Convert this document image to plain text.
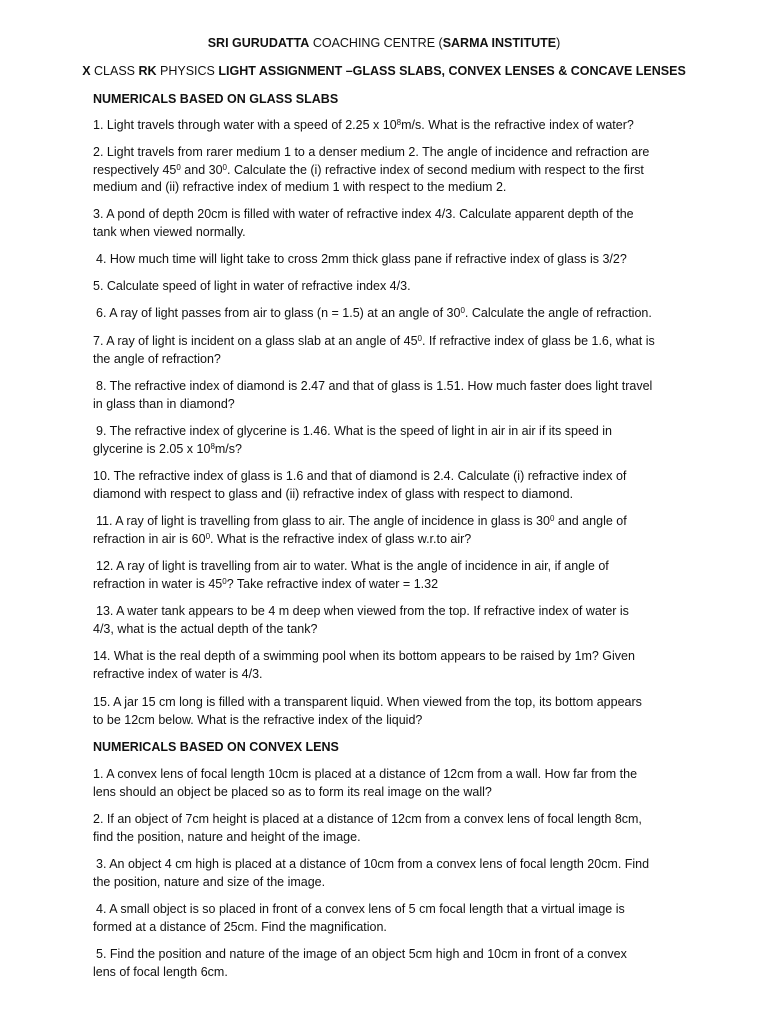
SRI GURUDATTA COACHING CENTRE (SARMA INSTITUTE)
X CLASS RK PHYSICS LIGHT ASSIGNMENT –GLASS SLABS, CONVEX LENSES & CONCAVE LENSES
NUMERICALS BASED ON GLASS SLABS
1. Light travels through water with a speed of 2.25 x $10^8m/s$. What is the refractive index of water?
2. Light travels from rarer medium 1 to a denser medium 2. The angle of incidence and refraction are
respectively $45^0$ and $30^0$. Calculate the (i) refractive index of second medium with respect to the first
medium and (ii) refractive index of medium 1 with respect to the medium 2.
3. A pond of depth 20cm is filled with water of refractive index 4/3. Calculate apparent depth of the
tank when viewed normally.
4. How much time will light take to cross 2mm thick glass pane if refractive index of glass is 3/2?
5. Calculate speed of light in water of refractive index 4/3.
6. A ray of light passes from air to glass (n = 1.5) at an angle of $30^0$. Calculate the angle of refraction.
7. A ray of light is incident on a glass slab at an angle of $45^0$. If refractive index of glass be 1.6, what is
the angle of refraction?
8. The refractive index of diamond is 2.47 and that of glass is 1.51. How much faster does light travel
in glass than in diamond?
9. The refractive index of glycerine is 1.46. What is the speed of light in air in air if its speed in
glycerine is 2.05 x $10^8m/s$?
10. The refractive index of glass is 1.6 and that of diamond is 2.4. Calculate (i) refractive index of
diamond with respect to glass and (ii) refractive index of glass with respect to diamond.
11. A ray of light is travelling from glass to air. The angle of incidence in glass is $30^0$ and angle of
refraction in air is $60^0$. What is the refractive index of glass w.r.to air?
12. A ray of light is travelling from air to water. What is the angle of incidence in air, if angle of
refraction in water is $45^0$? Take refractive index of water = 1.32
13. A water tank appears to be 4 m deep when viewed from the top. If refractive index of water is
4/3, what is the actual depth of the tank?
14. What is the real depth of a swimming pool when its bottom appears to be raised by 1m? Given
refractive index of water is 4/3.
15. A jar 15 cm long is filled with a transparent liquid. When viewed from the top, its bottom appears
to be 12cm below. What is the refractive index of the liquid?
NUMERICALS BASED ON CONVEX LENS
1. A convex lens of focal length 10cm is placed at a distance of 12cm from a wall. How far from the
lens should an object be placed so as to form its real image on the wall?
2. If an object of 7cm height is placed at a distance of 12cm from a convex lens of focal length 8cm,
find the position, nature and height of the image.
3. An object 4 cm high is placed at a distance of 10cm from a convex lens of focal length 20cm. Find
the position, nature and size of the image.
4. A small object is so placed in front of a convex lens of 5 cm focal length that a virtual image is
formed at a distance of 25cm. Find the magnification.
5. Find the position and nature of the image of an object 5cm high and 10cm in front of a convex
lens of focal length 6cm.
